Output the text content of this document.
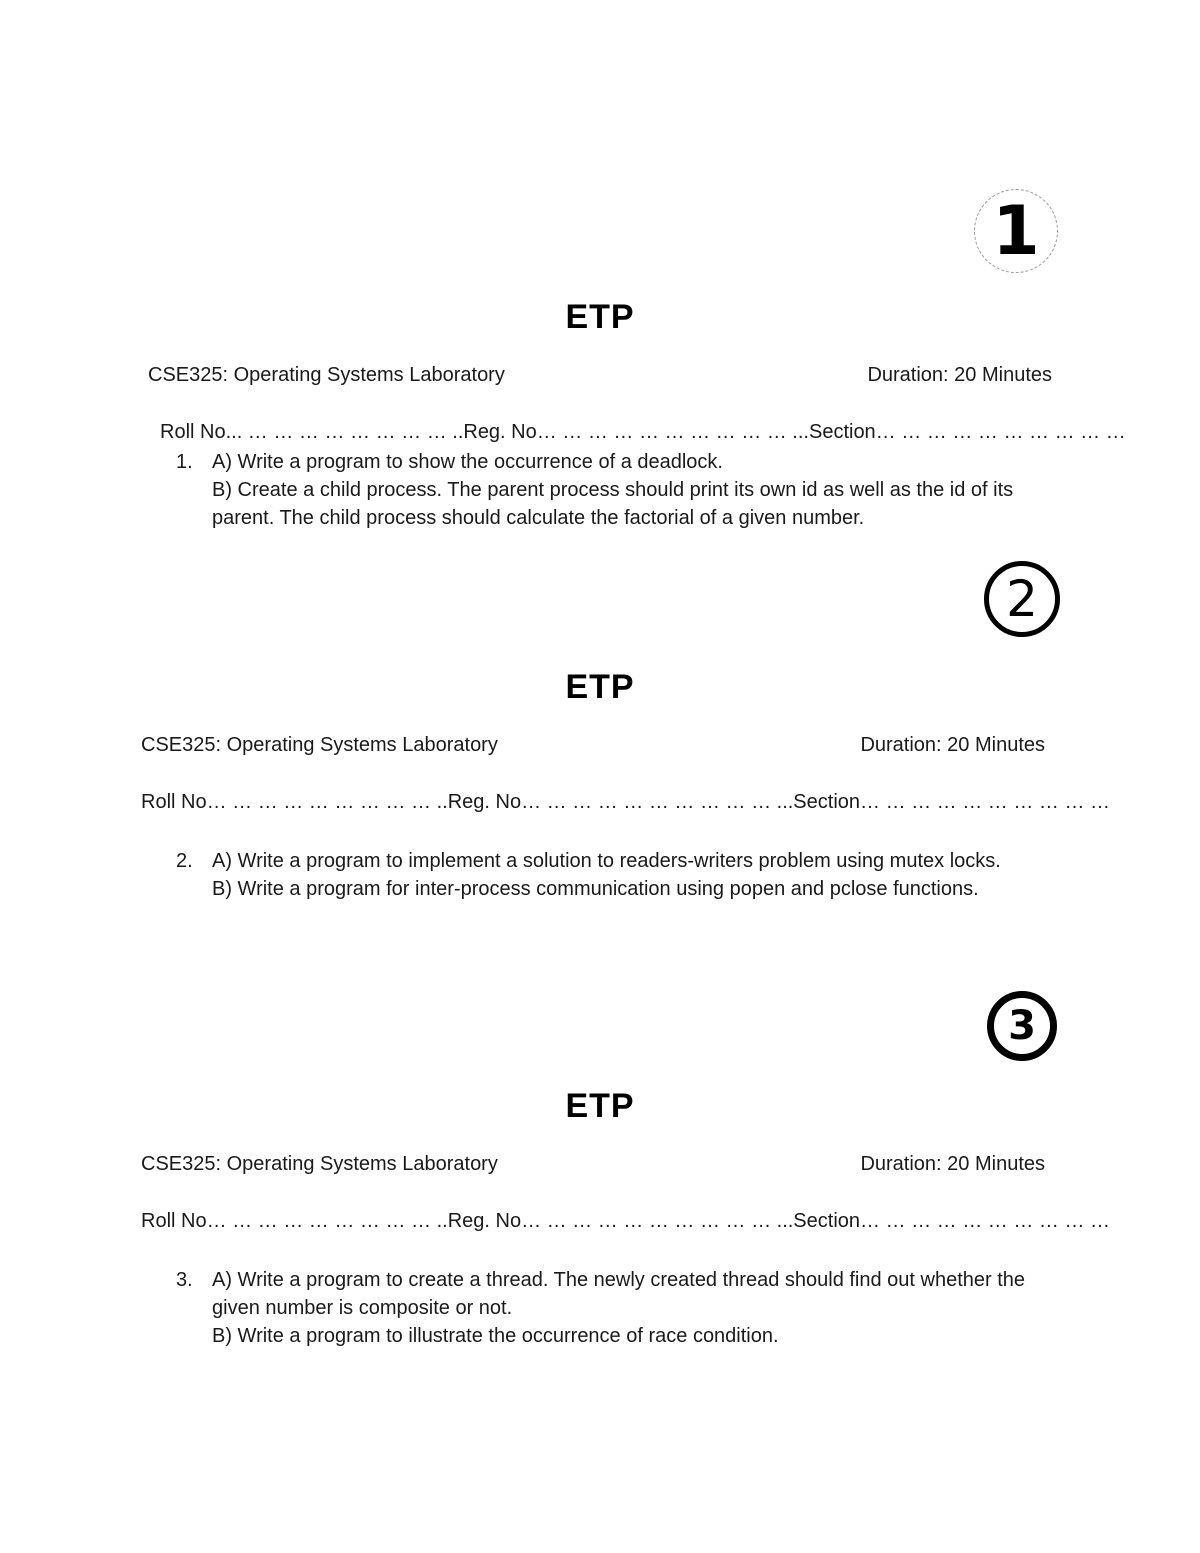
1
ETP
CSE325: Operating Systems Laboratory	Duration: 20 Minutes
Roll No... … … … … … … … … ..Reg. No… … … … … … … … … … ...Section… … … … … … … … … …
1. A) Write a program to show the occurrence of a deadlock.
B) Create a child process. The parent process should print its own id as well as the id of its parent. The child process should calculate the factorial of a given number.
2
ETP
CSE325: Operating Systems Laboratory	Duration: 20 Minutes
Roll No… … … … … … … … … ..Reg. No… … … … … … … … … … ...Section… … … … … … … … … …
2. A) Write a program to implement a solution to readers-writers problem using mutex locks.
B) Write a program for inter-process communication using popen and pclose functions.
3
ETP
CSE325: Operating Systems Laboratory	Duration: 20 Minutes
Roll No… … … … … … … … … ..Reg. No… … … … … … … … … … ...Section… … … … … … … … … …
3. A) Write a program to create a thread. The newly created thread should find out whether the given number is composite or not.
B) Write a program to illustrate the occurrence of race condition.
